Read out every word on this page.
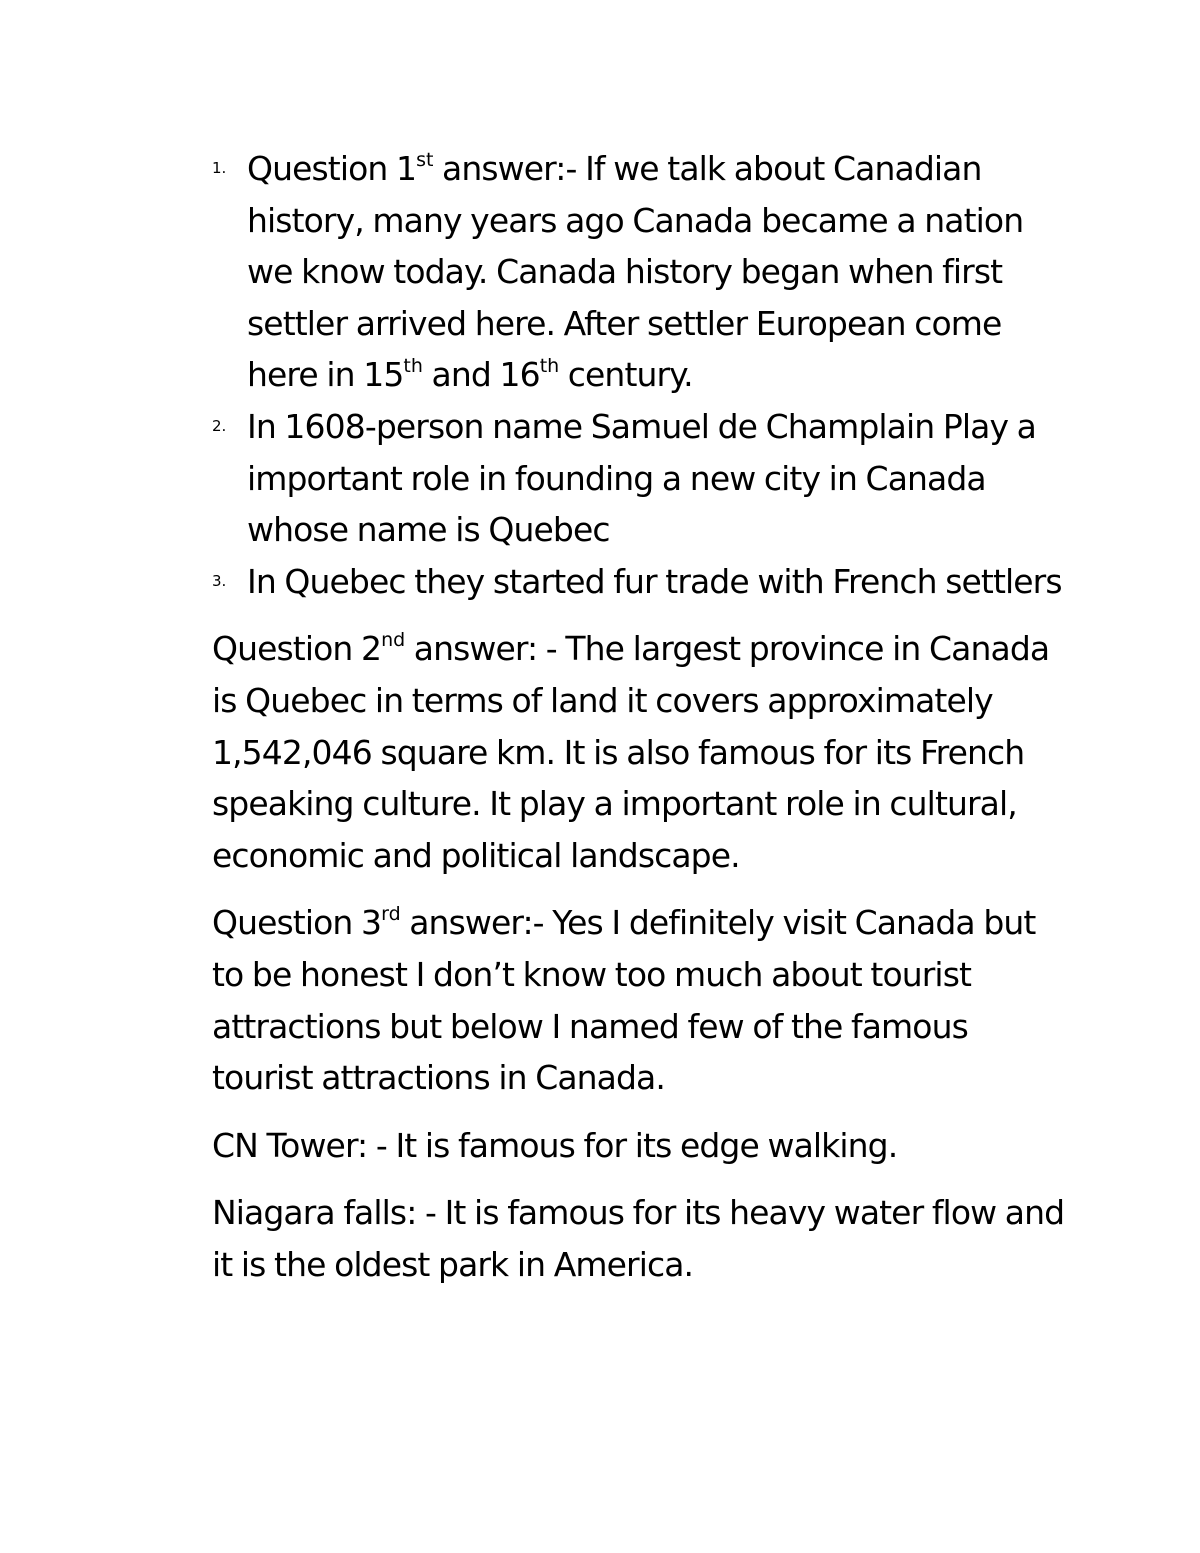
1. Question 1st answer:- If we talk about Canadian history, many years ago Canada became a nation we know today. Canada history began when first settler arrived here. After settler European come here in 15th and 16th century.
2. In 1608-person name Samuel de Champlain Play a important role in founding a new city in Canada whose name is Quebec
3. In Quebec they started fur trade with French settlers

Question 2nd answer: - The largest province in Canada is Quebec in terms of land it covers approximately 1,542,046 square km. It is also famous for its French speaking culture. It play a important role in cultural, economic and political landscape.

Question 3rd answer:- Yes I definitely visit Canada but to be honest I don’t know too much about tourist attractions but below I named few of the famous tourist attractions in Canada.

CN Tower: - It is famous for its edge walking.

Niagara falls: - It is famous for its heavy water flow and it is the oldest park in America.
